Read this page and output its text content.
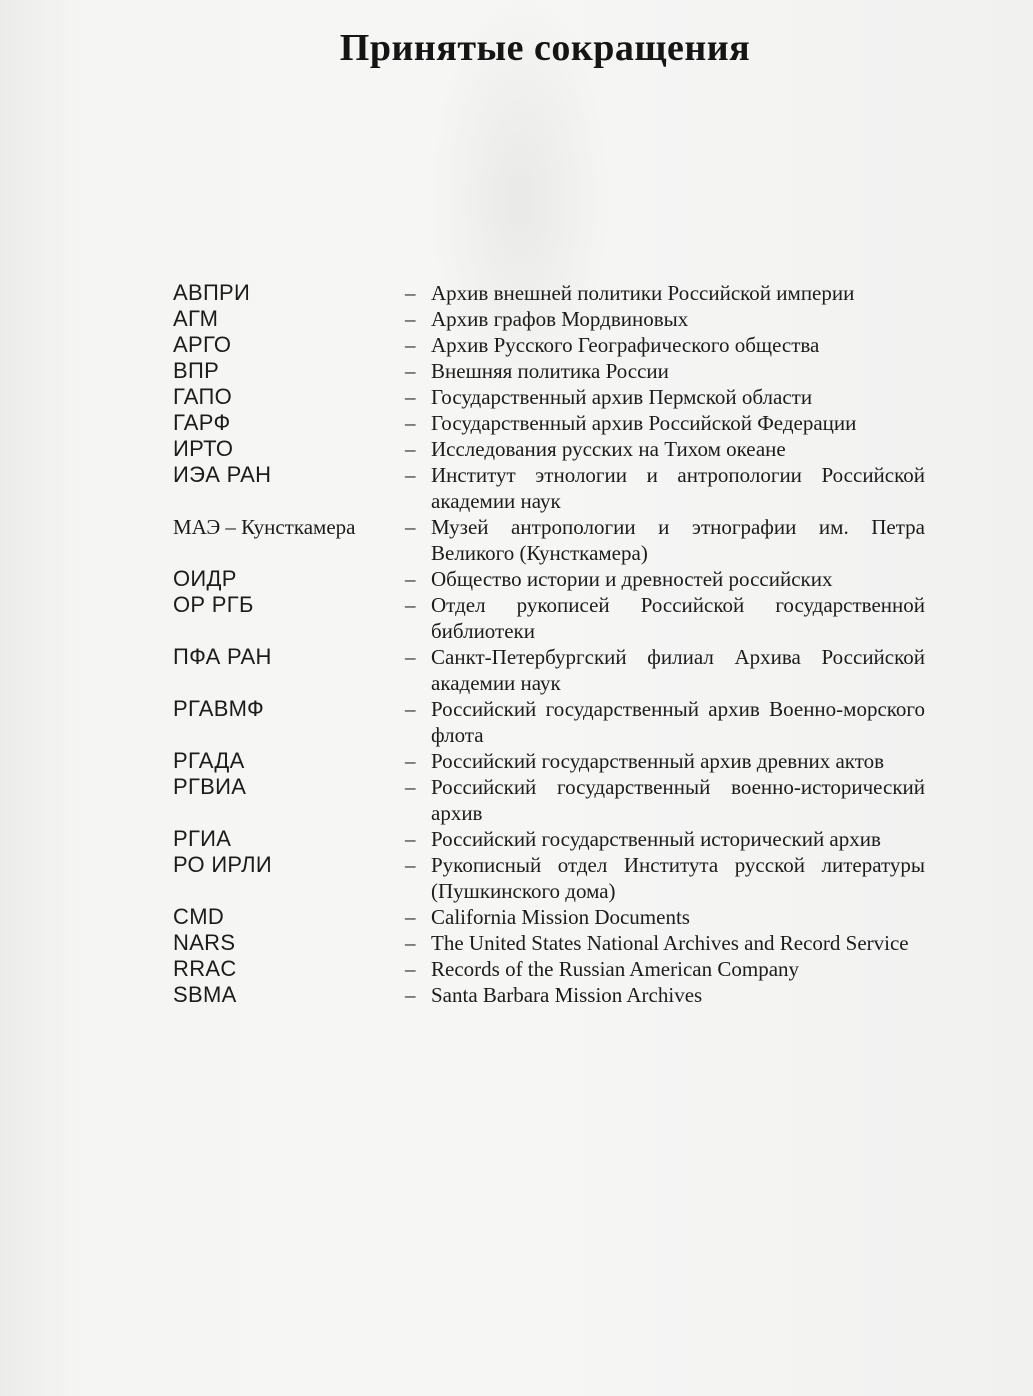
Принятые сокращения
АВПРИ	– Архив внешней политики Российской империи
АГМ	– Архив графов Мордвиновых
АРГО	– Архив Русского Географического общества
ВПР	– Внешняя политика России
ГАПО	– Государственный архив Пермской области
ГАРФ	– Государственный архив Российской Федерации
ИРТО	– Исследования русских на Тихом океане
ИЭА РАН	– Институт этнологии и антропологии Российской академии наук
МАЭ – Кунсткамера	– Музей антропологии и этнографии им. Петра Великого (Кунсткамера)
ОИДР	– Общество истории и древностей российских
ОР РГБ	– Отдел рукописей Российской государственной библиотеки
ПФА РАН	– Санкт-Петербургский филиал Архива Российской академии наук
РГАВМФ	– Российский государственный архив Военно-морского флота
РГАДА	– Российский государственный архив древних актов
РГВИА	– Российский государственный военно-исторический архив
РГИА	– Российский государственный исторический архив
РО ИРЛИ	– Рукописный отдел Института русской литературы (Пушкинского дома)
CMD	– California Mission Documents
NARS	– The United States National Archives and Record Service
RRAC	– Records of the Russian American Company
SBMA	– Santa Barbara Mission Archives
